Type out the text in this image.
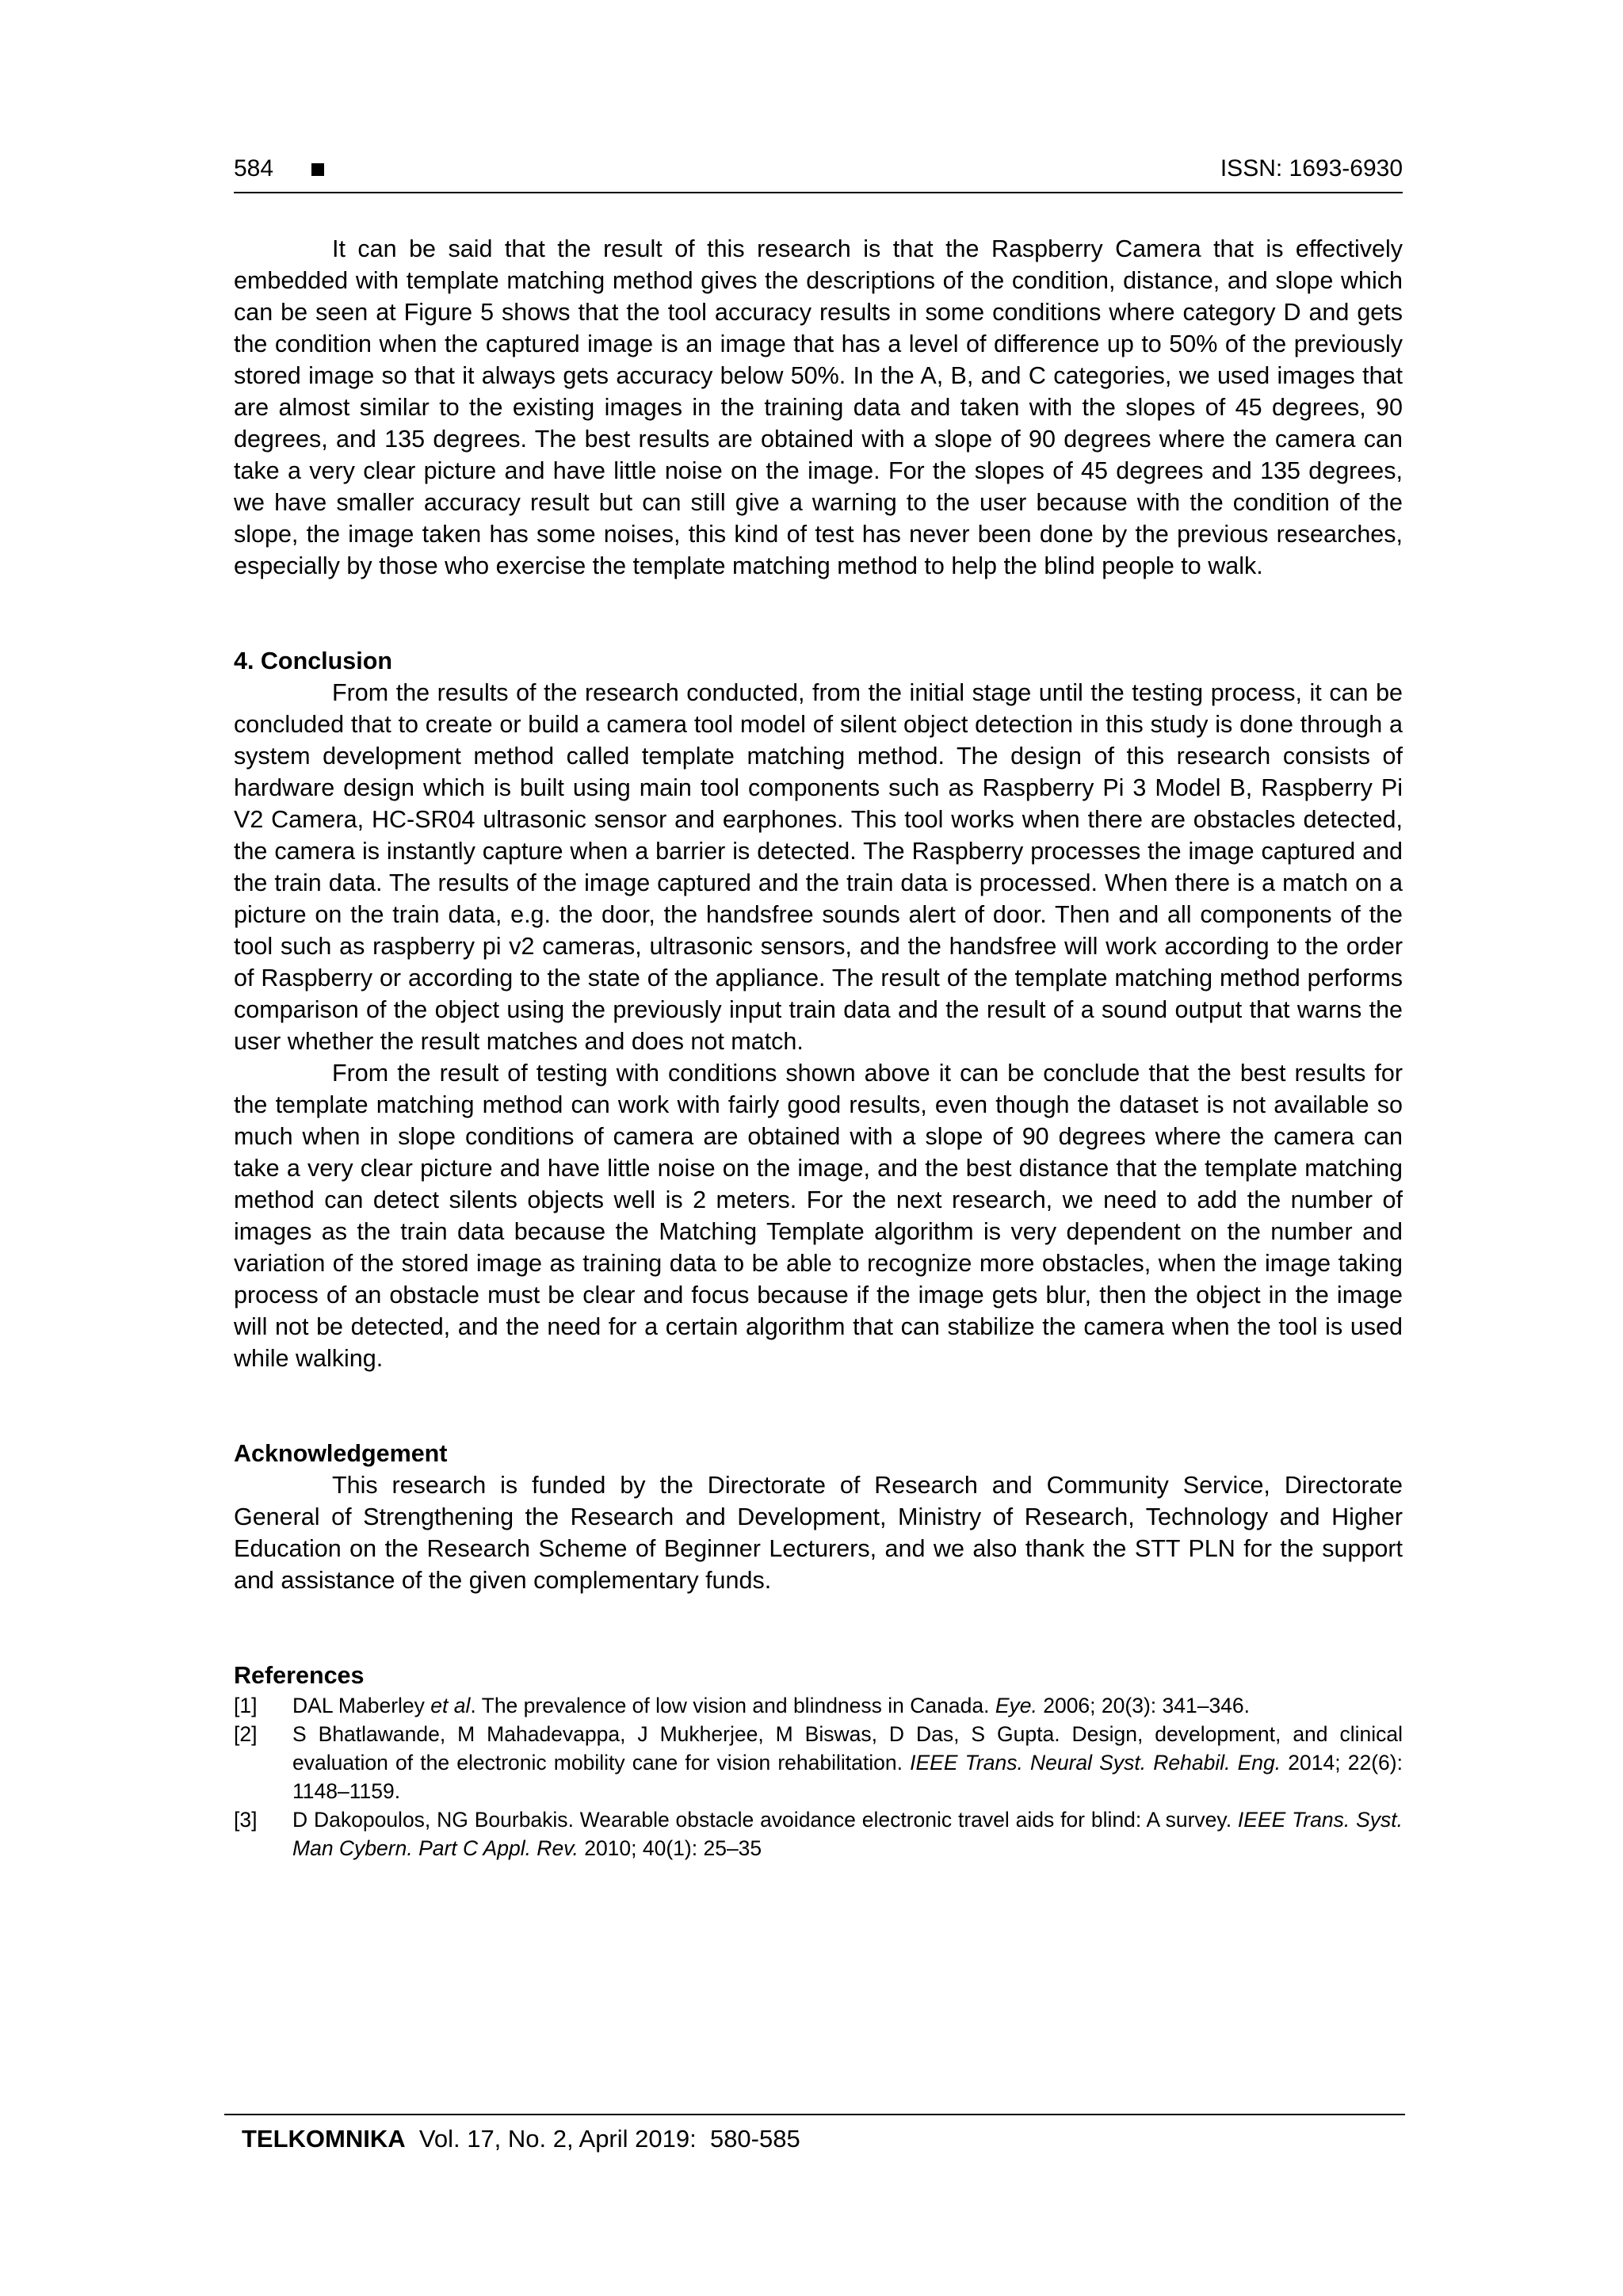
584	ISSN: 1693-6930

It can be said that the result of this research is that the Raspberry Camera that is effectively embedded with template matching method gives the descriptions of the condition, distance, and slope which can be seen at Figure 5 shows that the tool accuracy results in some conditions where category D and gets the condition when the captured image is an image that has a level of difference up to 50% of the previously stored image so that it always gets accuracy below 50%. In the A, B, and C categories, we used images that are almost similar to the existing images in the training data and taken with the slopes of 45 degrees, 90 degrees, and 135 degrees. The best results are obtained with a slope of 90 degrees where the camera can take a very clear picture and have little noise on the image. For the slopes of 45 degrees and 135 degrees, we have smaller accuracy result but can still give a warning to the user because with the condition of the slope, the image taken has some noises, this kind of test has never been done by the previous researches, especially by those who exercise the template matching method to help the blind people to walk.

4. Conclusion

From the results of the research conducted, from the initial stage until the testing process, it can be concluded that to create or build a camera tool model of silent object detection in this study is done through a system development method called template matching method. The design of this research consists of hardware design which is built using main tool components such as Raspberry Pi 3 Model B, Raspberry Pi V2 Camera, HC-SR04 ultrasonic sensor and earphones. This tool works when there are obstacles detected, the camera is instantly capture when a barrier is detected. The Raspberry processes the image captured and the train data. The results of the image captured and the train data is processed. When there is a match on a picture on the train data, e.g. the door, the handsfree sounds alert of door. Then and all components of the tool such as raspberry pi v2 cameras, ultrasonic sensors, and the handsfree will work according to the order of Raspberry or according to the state of the appliance. The result of the template matching method performs comparison of the object using the previously input train data and the result of a sound output that warns the user whether the result matches and does not match.

From the result of testing with conditions shown above it can be conclude that the best results for the template matching method can work with fairly good results, even though the dataset is not available so much when in slope conditions of camera are obtained with a slope of 90 degrees where the camera can take a very clear picture and have little noise on the image, and the best distance that the template matching method can detect silents objects well is 2 meters. For the next research, we need to add the number of images as the train data because the Matching Template algorithm is very dependent on the number and variation of the stored image as training data to be able to recognize more obstacles, when the image taking process of an obstacle must be clear and focus because if the image gets blur, then the object in the image will not be detected, and the need for a certain algorithm that can stabilize the camera when the tool is used while walking.

Acknowledgement

This research is funded by the Directorate of Research and Community Service, Directorate General of Strengthening the Research and Development, Ministry of Research, Technology and Higher Education on the Research Scheme of Beginner Lecturers, and we also thank the STT PLN for the support and assistance of the given complementary funds.

References
[1] DAL Maberley et al. The prevalence of low vision and blindness in Canada. Eye. 2006; 20(3): 341–346.
[2] S Bhatlawande, M Mahadevappa, J Mukherjee, M Biswas, D Das, S Gupta. Design, development, and clinical evaluation of the electronic mobility cane for vision rehabilitation. IEEE Trans. Neural Syst. Rehabil. Eng. 2014; 22(6): 1148–1159.
[3] D Dakopoulos, NG Bourbakis. Wearable obstacle avoidance electronic travel aids for blind: A survey. IEEE Trans. Syst. Man Cybern. Part C Appl. Rev. 2010; 40(1): 25–35
TELKOMNIKA  Vol. 17, No. 2, April 2019:  580-585
